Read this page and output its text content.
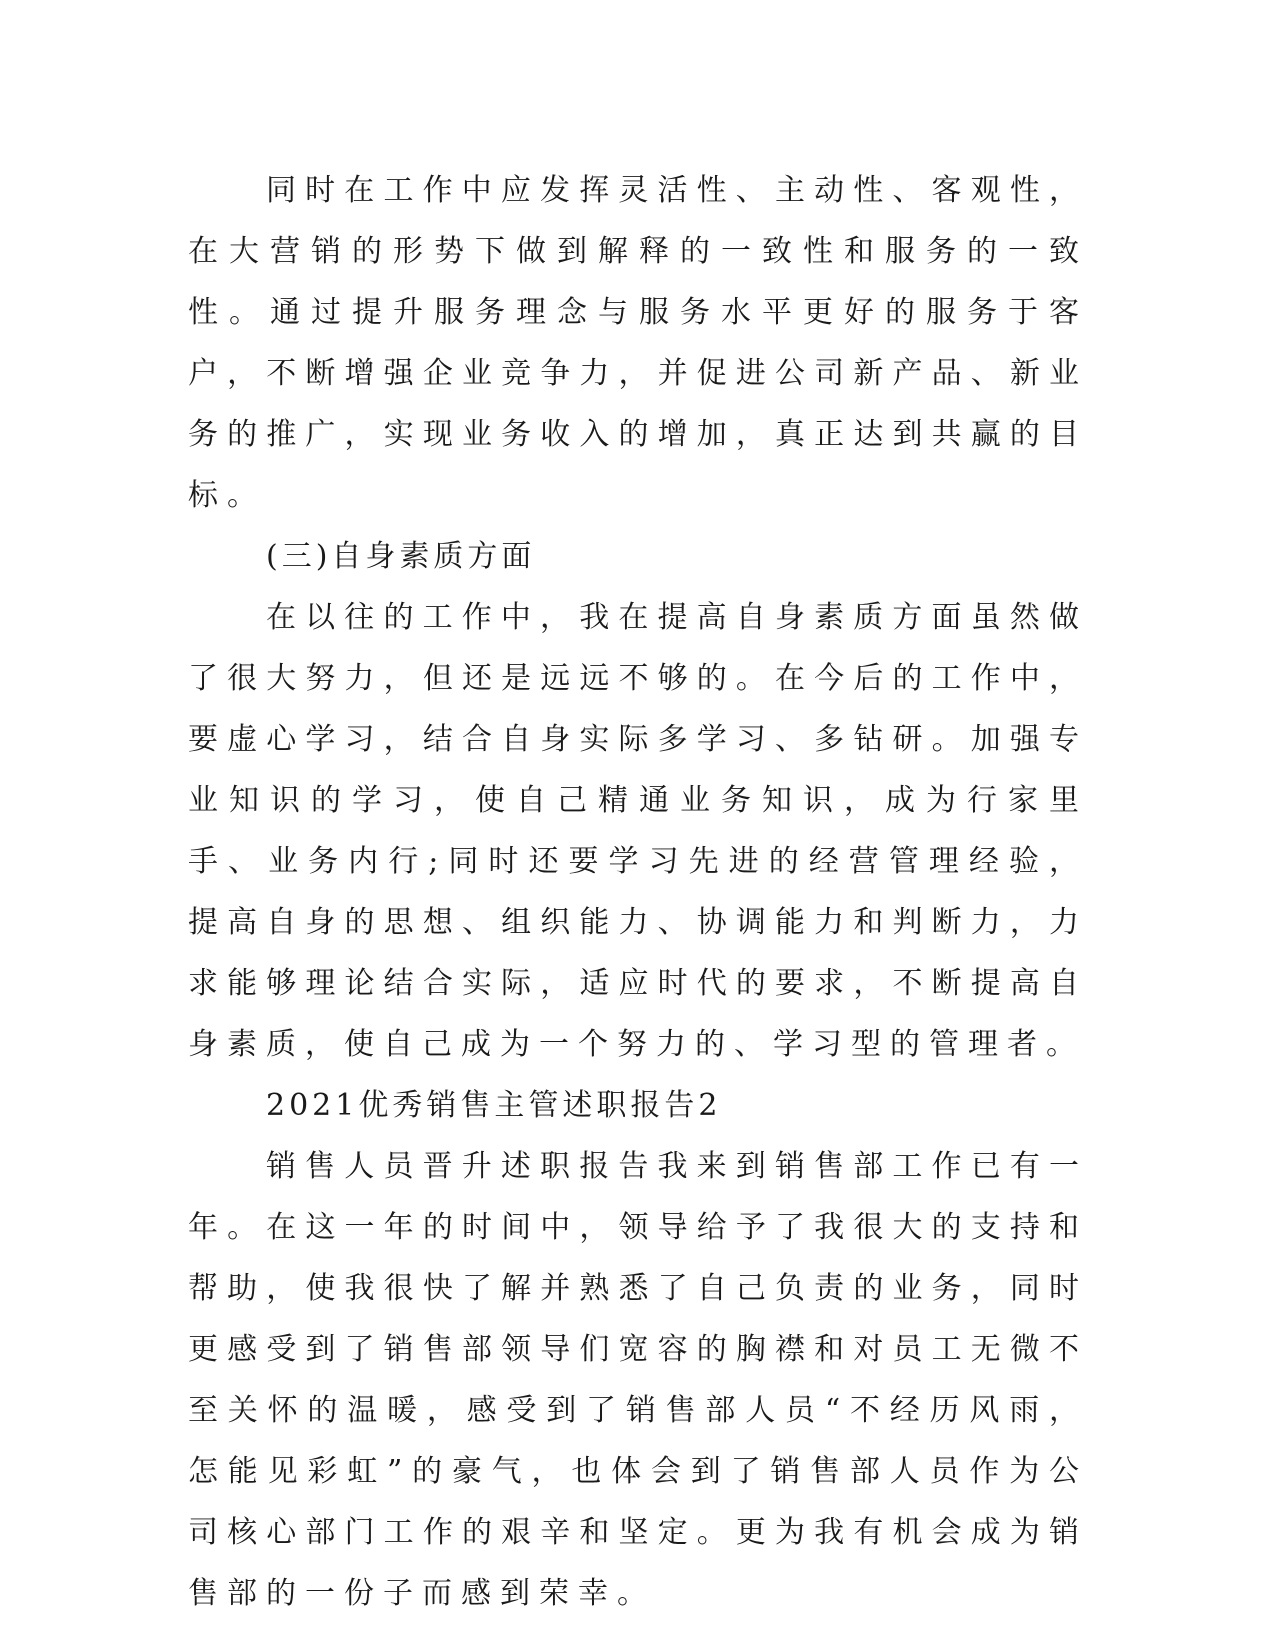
同时在工作中应发挥灵活性、主动性、客观性，在大营销的形势下做到解释的一致性和服务的一致性。通过提升服务理念与服务水平更好的服务于客户，不断增强企业竞争力，并促进公司新产品、新业务的推广，实现业务收入的增加，真正达到共赢的目标。

(三)自身素质方面

在以往的工作中，我在提高自身素质方面虽然做了很大努力，但还是远远不够的。在今后的工作中，要虚心学习，结合自身实际多学习、多钻研。加强专业知识的学习，使自己精通业务知识，成为行家里手、业务内行;同时还要学习先进的经营管理经验，提高自身的思想、组织能力、协调能力和判断力，力求能够理论结合实际，适应时代的要求，不断提高自身素质，使自己成为一个努力的、学习型的管理者。

2021优秀销售主管述职报告2

销售人员晋升述职报告我来到销售部工作已有一年。在这一年的时间中，领导给予了我很大的支持和帮助，使我很快了解并熟悉了自己负责的业务，同时更感受到了销售部领导们宽容的胸襟和对员工无微不至关怀的温暖，感受到了销售部人员“不经历风雨，怎能见彩虹”的豪气，也体会到了销售部人员作为公司核心部门工作的艰辛和坚定。更为我有机会成为销售部的一份子而感到荣幸。
